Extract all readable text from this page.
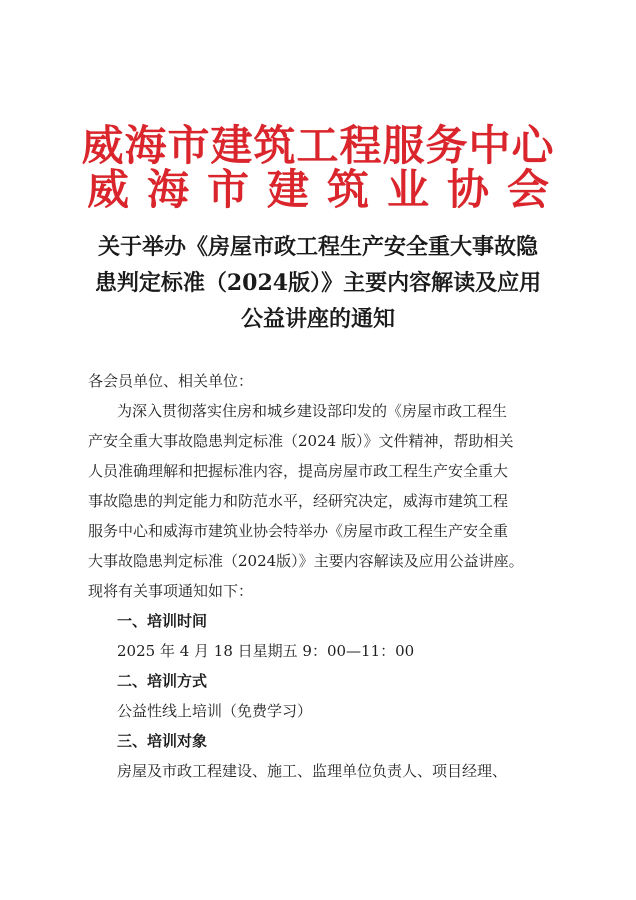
威海市建筑工程服务中心
威海市建筑业协会
关于举办《房屋市政工程生产安全重大事故隐
患判定标准（2024版）》主要内容解读及应用
公益讲座的通知
各会员单位、相关单位：
为深入贯彻落实住房和城乡建设部印发的《房屋市政工程生
产安全重大事故隐患判定标准（2024 版）》文件精神，帮助相关
人员准确理解和把握标准内容，提高房屋市政工程生产安全重大
事故隐患的判定能力和防范水平，经研究决定，威海市建筑工程
服务中心和威海市建筑业协会特举办《房屋市政工程生产安全重
大事故隐患判定标准（2024版）》主要内容解读及应用公益讲座。
现将有关事项通知如下：
一、培训时间
2025 年 4 月 18 日星期五 9：00—11：00
二、培训方式
公益性线上培训（免费学习）
三、培训对象
房屋及市政工程建设、施工、监理单位负责人、项目经理、
